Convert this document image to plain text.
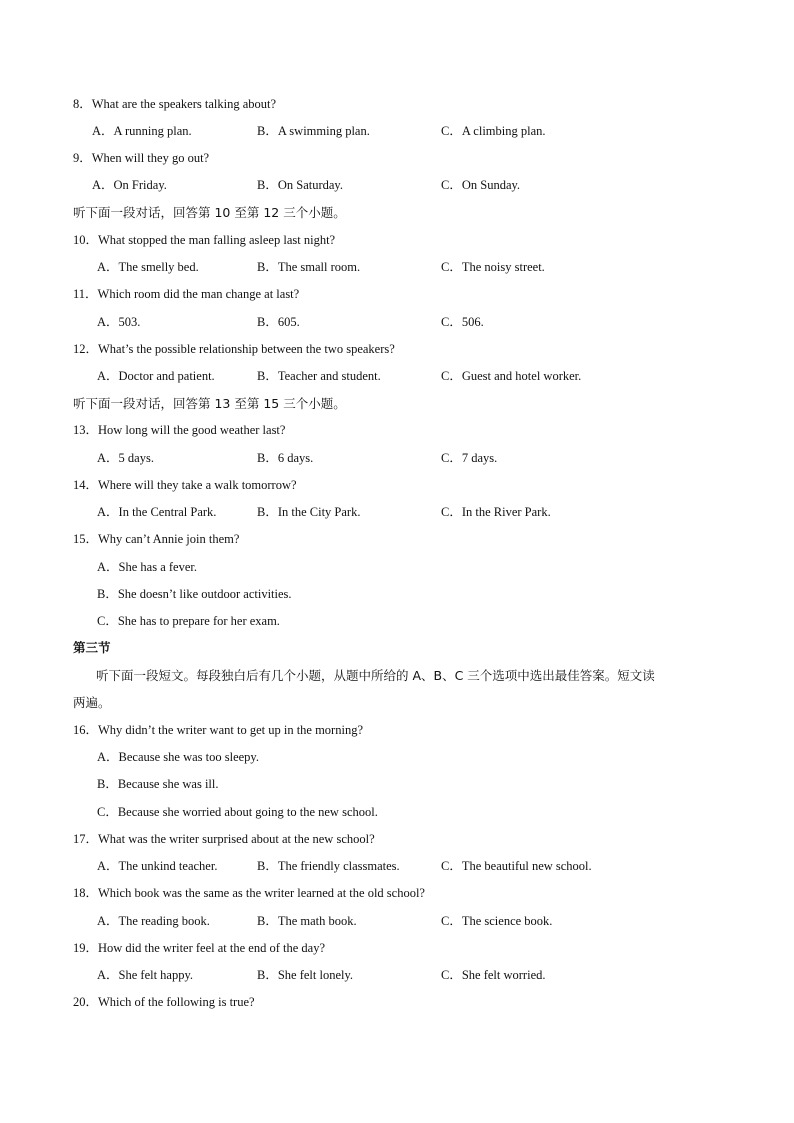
听下面一段对话，回答第 10 至第 12 三个小题。
听下面一段对话，回答第 13 至第 15 三个小题。
第三节
听下面一段短文。每段独白后有几个小题，从题中所给的 A、B、C 三个选项中选出最佳答案。短文读
两遍。
8．What are the speakers talking about?
A．A running plan.	B．A swimming plan.	C．A climbing plan.
9．When will they go out?
A．On Friday.	B．On Saturday.	C．On Sunday.
10．What stopped the man falling asleep last night?
A．The smelly bed.	B．The small room.	C．The noisy street.
11．Which room did the man change at last?
A．503.	B．605.	C．506.
12．What’s the possible relationship between the two speakers?
A．Doctor and patient.	B．Teacher and student.	C．Guest and hotel worker.
13．How long will the good weather last?
A．5 days.	B．6 days.	C．7 days.
14．Where will they take a walk tomorrow?
A．In the Central Park.	B．In the City Park.	C．In the River Park.
15．Why can’t Annie join them?
A．She has a fever.
B．She doesn’t like outdoor activities.
C．She has to prepare for her exam.
16．Why didn’t the writer want to get up in the morning?
A．Because she was too sleepy.
B．Because she was ill.
C．Because she worried about going to the new school.
17．What was the writer surprised about at the new school?
A．The unkind teacher.	B．The friendly classmates.	C．The beautiful new school.
18．Which book was the same as the writer learned at the old school?
A．The reading book.	B．The math book.	C．The science book.
19．How did the writer feel at the end of the day?
A．She felt happy.	B．She felt lonely.	C．She felt worried.
20．Which of the following is true?
